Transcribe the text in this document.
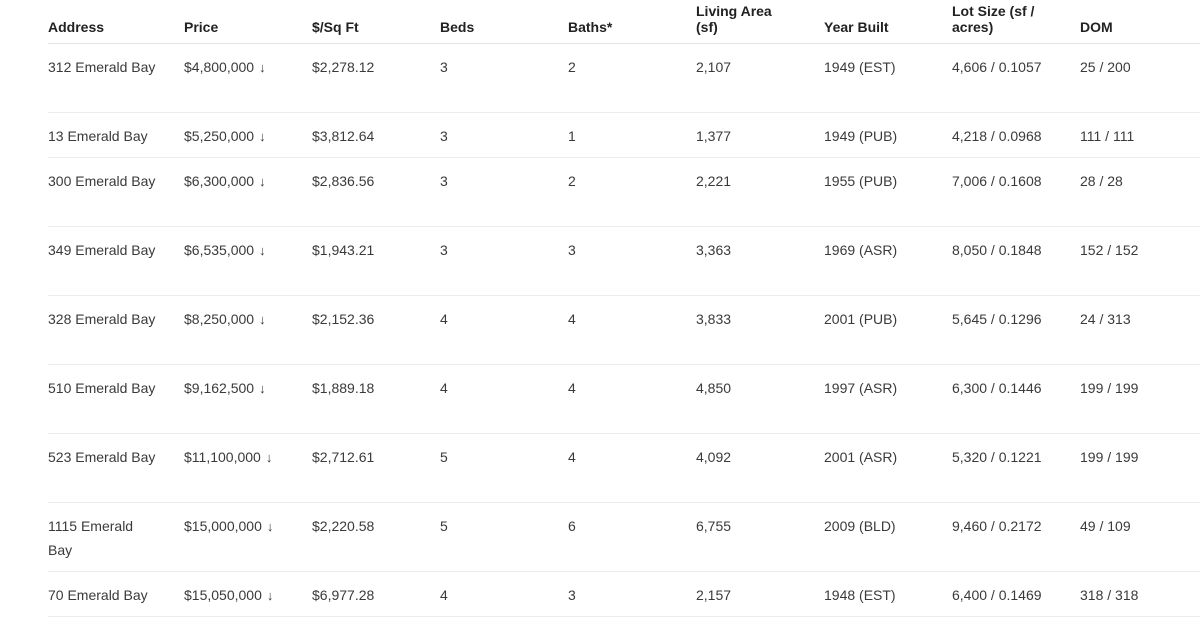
Address	Price	$/Sq Ft	Beds	Baths*	Living Area (sf)	Year Built	Lot Size (sf / acres)	DOM

312 Emerald Bay	$4,800,000 ↓	$2,278.12	3	2	2,107	1949 (EST)	4,606 / 0.1057	25 / 200

13 Emerald Bay	$5,250,000 ↓	$3,812.64	3	1	1,377	1949 (PUB)	4,218 / 0.0968	111 / 111

300 Emerald Bay	$6,300,000 ↓	$2,836.56	3	2	2,221	1955 (PUB)	7,006 / 0.1608	28 / 28

349 Emerald Bay	$6,535,000 ↓	$1,943.21	3	3	3,363	1969 (ASR)	8,050 / 0.1848	152 / 152

328 Emerald Bay	$8,250,000 ↓	$2,152.36	4	4	3,833	2001 (PUB)	5,645 / 0.1296	24 / 313

510 Emerald Bay	$9,162,500 ↓	$1,889.18	4	4	4,850	1997 (ASR)	6,300 / 0.1446	199 / 199

523 Emerald Bay	$11,100,000 ↓	$2,712.61	5	4	4,092	2001 (ASR)	5,320 / 0.1221	199 / 199

1115 Emerald Bay	$15,000,000 ↓	$2,220.58	5	6	6,755	2009 (BLD)	9,460 / 0.2172	49 / 109

70 Emerald Bay	$15,050,000 ↓	$6,977.28	4	3	2,157	1948 (EST)	6,400 / 0.1469	318 / 318
